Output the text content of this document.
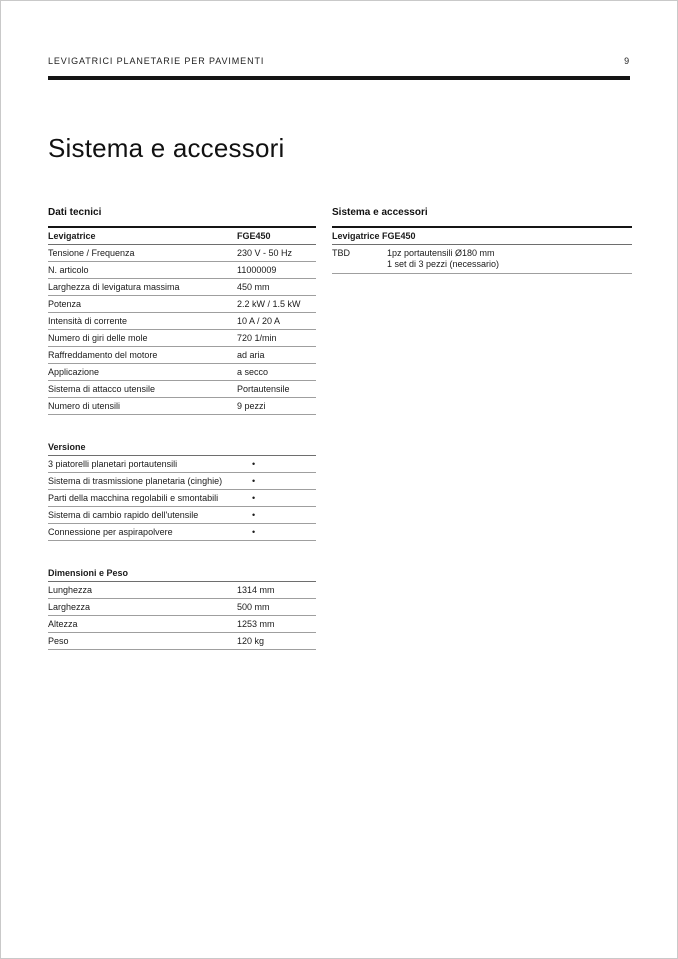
LEVIGATRICI PLANETARIE PER PAVIMENTI	9
Sistema e accessori
Dati tecnici
Levigatrice	FGE450
Tensione / Frequenza	230 V - 50 Hz
N. articolo	11000009
Larghezza di levigatura massima	450 mm
Potenza	2.2 kW / 1.5 kW
Intensità di corrente	10 A / 20 A
Numero di giri delle mole	720 1/min
Raffreddamento del motore	ad aria
Applicazione	a secco
Sistema di attacco utensile	Portautensile
Numero di utensili	9 pezzi
Versione
3 piatorelli planetari portautensili	•
Sistema di trasmissione planetaria (cinghie)	•
Parti della macchina regolabili e smontabili	•
Sistema di cambio rapido dell'utensile	•
Connessione per aspirapolvere	•
Dimensioni e Peso
Lunghezza	1314 mm
Larghezza	500 mm
Altezza	1253 mm
Peso	120 kg
Sistema e accessori
Levigatrice FGE450
TBD	1pz portautensili Ø180 mm
1 set di 3 pezzi (necessario)
